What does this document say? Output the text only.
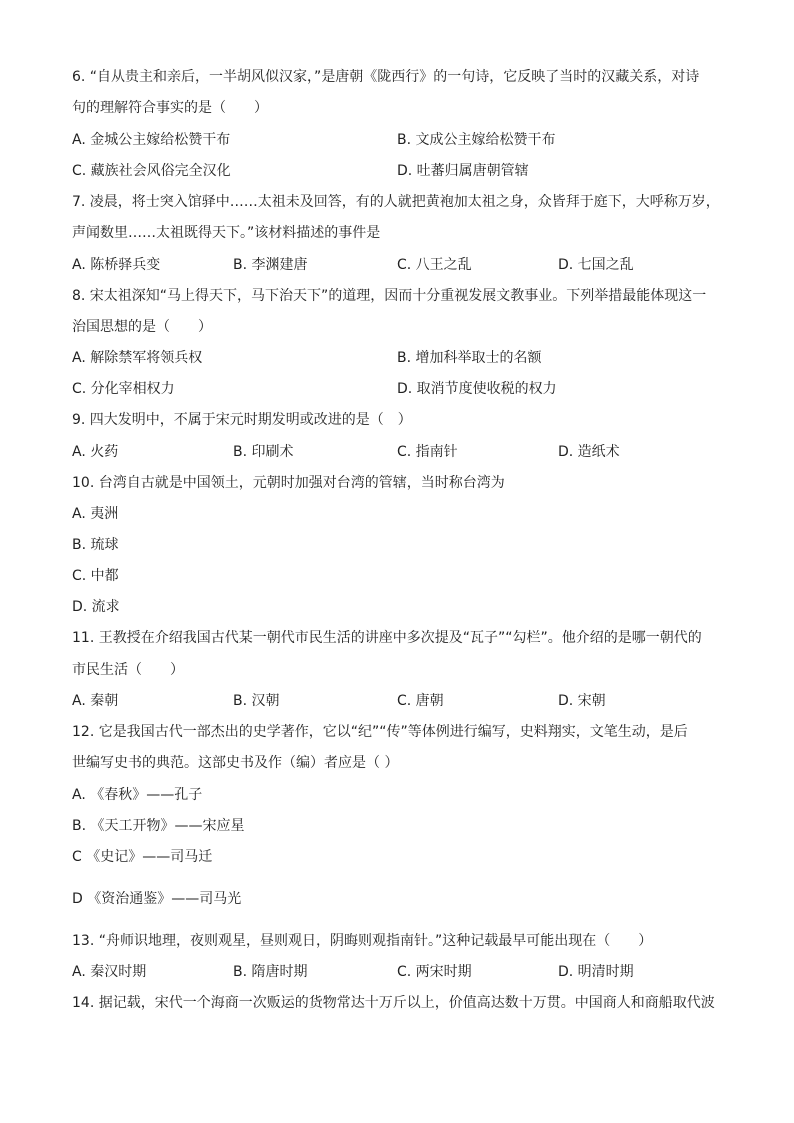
6. “自从贵主和亲后，一半胡风似汉家，”是唐朝《陇西行》的一句诗，它反映了当时的汉藏关系，对诗
句的理解符合事实的是（　　）
A. 金城公主嫁给松赞干布	B. 文成公主嫁给松赞干布
C. 藏族社会风俗完全汉化	D. 吐蕃归属唐朝管辖
7. 凌晨，将士突入馆驿中……太祖未及回答，有的人就把黄袍加太祖之身，众皆拜于庭下，大呼称万岁，
声闻数里……太祖既得天下。”该材料描述的事件是
A. 陈桥驿兵变	B. 李渊建唐	C. 八王之乱	D. 七国之乱
8. 宋太祖深知“马上得天下，马下治天下”的道理，因而十分重视发展文教事业。下列举措最能体现这一
治国思想的是（　　）
A. 解除禁军将领兵权	B. 增加科举取士的名额
C. 分化宰相权力	D. 取消节度使收税的权力
9. 四大发明中，不属于宋元时期发明或改进的是（　）
A. 火药	B. 印刷术	C. 指南针	D. 造纸术
10. 台湾自古就是中国领土，元朝时加强对台湾的管辖，当时称台湾为
A. 夷洲
B. 琉球
C. 中都
D. 流求
11. 王教授在介绍我国古代某一朝代市民生活的讲座中多次提及“瓦子”“勾栏”。他介绍的是哪一朝代的
市民生活（　　）
A. 秦朝	B. 汉朝	C. 唐朝	D. 宋朝
12. 它是我国古代一部杰出的史学著作，它以“纪”“传”等体例进行编写，史料翔实，文笔生动，是后
世编写史书的典范。这部史书及作（编）者应是（ ）
A. 《春秋》——孔子
B. 《天工开物》——宋应星
C 《史记》——司马迁
D 《资治通鉴》——司马光
13. “舟师识地理，夜则观星，昼则观日，阴晦则观指南针。”这种记载最早可能出现在（　　）
A. 秦汉时期	B. 隋唐时期	C. 两宋时期	D. 明清时期
14. 据记载，宋代一个海商一次贩运的货物常达十万斤以上，价值高达数十万贯。中国商人和商船取代波
